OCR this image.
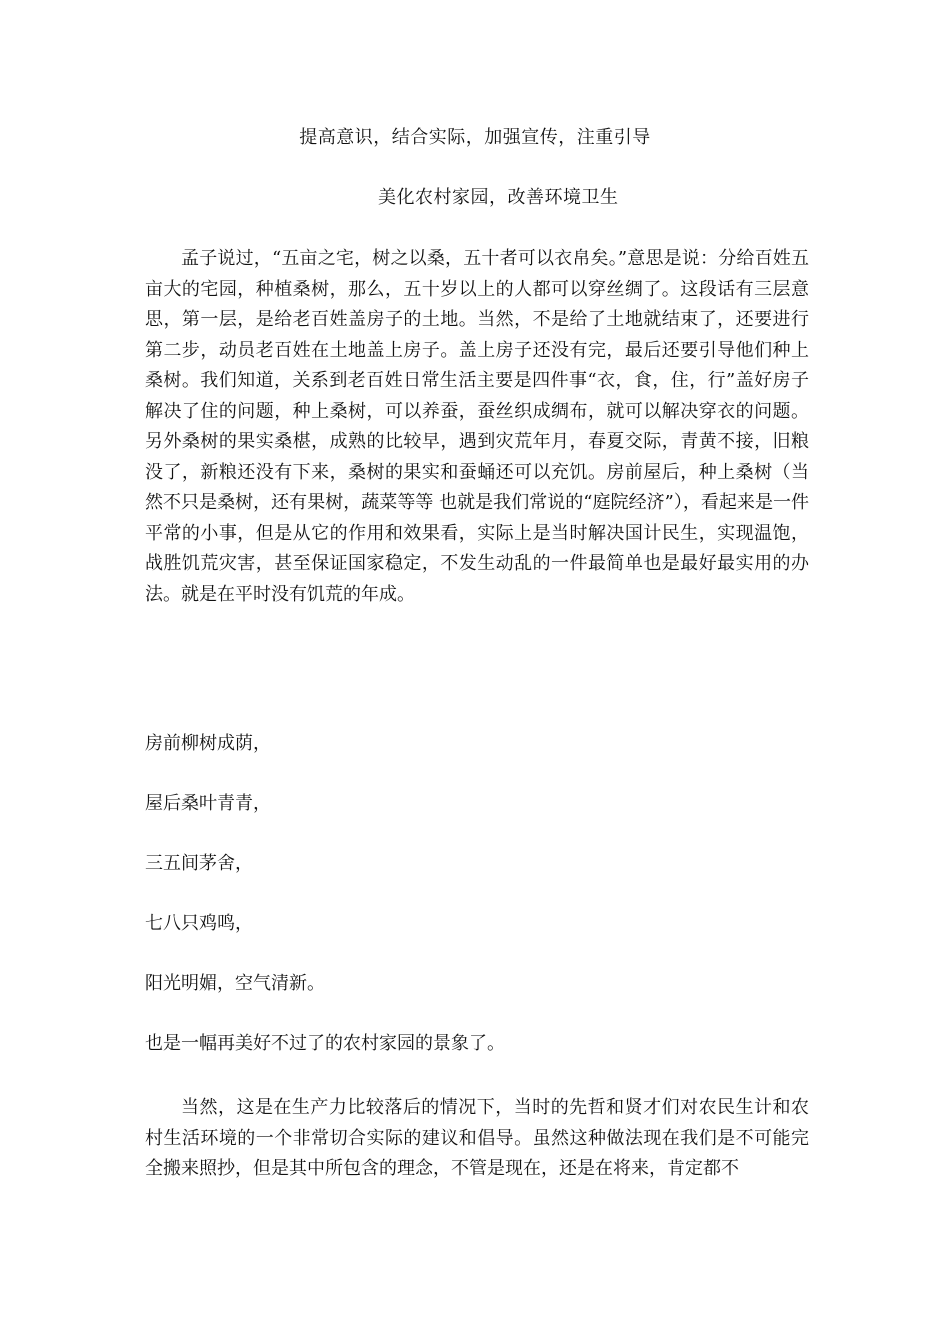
提高意识，结合实际，加强宣传，注重引导
美化农村家园，改善环境卫生

孟子说过，“五亩之宅，树之以桑，五十者可以衣帛矣。”意思是说：分给百姓五亩大的宅园，种植桑树，那么，五十岁以上的人都可以穿丝绸了。这段话有三层意思，第一层，是给老百姓盖房子的土地。当然，不是给了土地就结束了，还要进行第二步，动员老百姓在土地盖上房子。盖上房子还没有完，最后还要引导他们种上桑树。我们知道，关系到老百姓日常生活主要是四件事“衣，食，住，行”盖好房子解决了住的问题，种上桑树，可以养蚕，蚕丝织成绸布，就可以解决穿衣的问题。另外桑树的果实桑椹，成熟的比较早，遇到灾荒年月，春夏交际，青黄不接，旧粮没了，新粮还没有下来，桑树的果实和蚕蛹还可以充饥。房前屋后，种上桑树（当然不只是桑树，还有果树，蔬菜等等 也就是我们常说的“庭院经济”），看起来是一件平常的小事，但是从它的作用和效果看，实际上是当时解决国计民生，实现温饱，战胜饥荒灾害，甚至保证国家稳定，不发生动乱的一件最简单也是最好最实用的办法。就是在平时没有饥荒的年成。

房前柳树成荫，
屋后桑叶青青，
三五间茅舍，
七八只鸡鸣，
阳光明媚，空气清新。
也是一幅再美好不过了的农村家园的景象了。

当然，这是在生产力比较落后的情况下，当时的先哲和贤才们对农民生计和农村生活环境的一个非常切合实际的建议和倡导。虽然这种做法现在我们是不可能完全搬来照抄，但是其中所包含的理念，不管是现在，还是在将来，肯定都不
